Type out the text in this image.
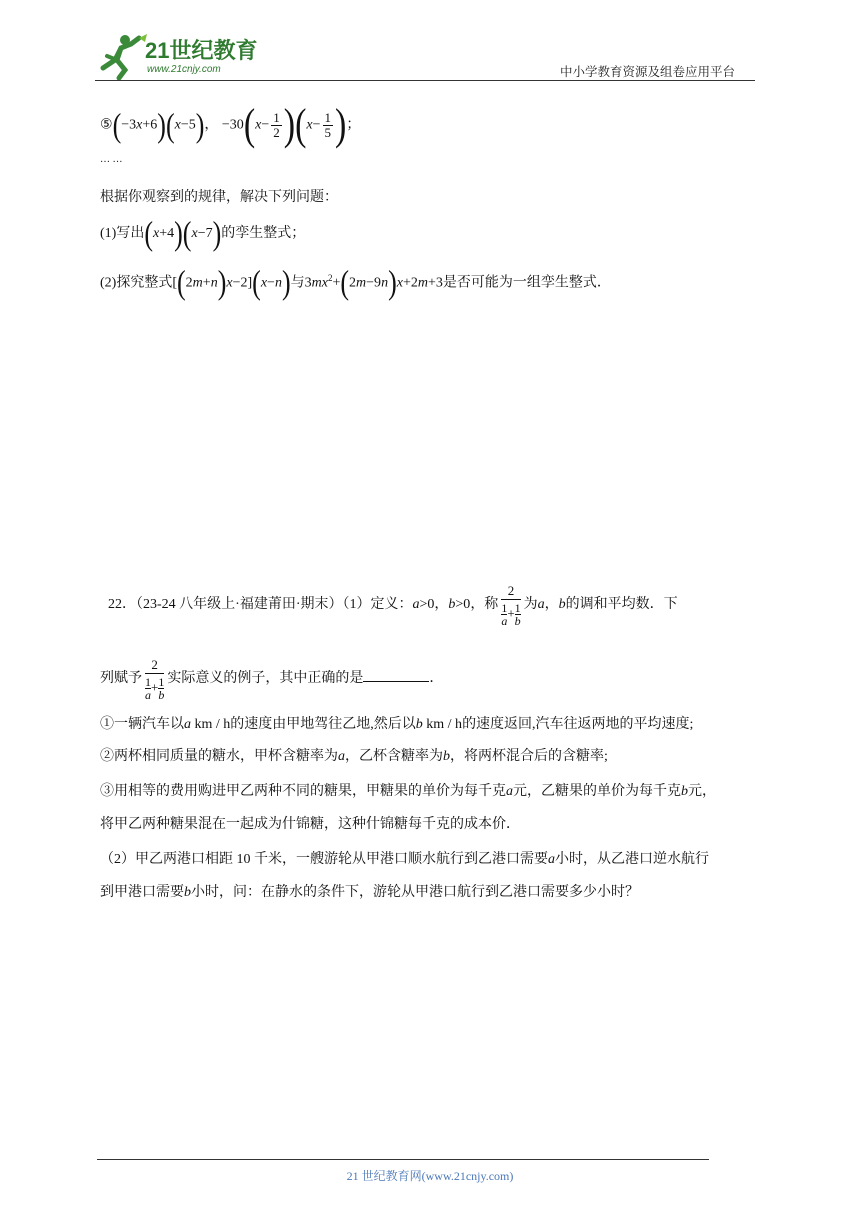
21世纪教育
www.21cnjy.com	中小学教育资源及组卷应用平台
⑤(−3x+6)(x−5)， $-30(x- \frac{1}{2} )(x- \frac{1}{5}$ )；
… …
根据你观察到的规律，解决下列问题：
(1)写出(x+4)(x−7)的孪生整式；
(2)探究整式[(2m+n)x−2](x−n)与$3mx^2+(2m-9n)x+2m+3$是否可能为一组孪生整式．
22．（23-24 八年级上·福建莆田·期末）（1）定义：a>0，b>0，称 $\frac{2}{\frac{1}{a} + \frac{1}{b}}$ 为a，b的调和平均数．下
列赋予 $\frac{2}{\frac{1}{a} + \frac{1}{b}}$ 实际意义的例子，其中正确的是	．
①一辆汽车以a km / h的速度由甲地驾往乙地,然后以b km / h的速度返回,汽车往返两地的平均速度;
②两杯相同质量的糖水，甲杯含糖率为a，乙杯含糖率为b，将两杯混合后的含糖率;
③用相等的费用购进甲乙两种不同的糖果，甲糖果的单价为每千克a元，乙糖果的单价为每千克b元，
将甲乙两种糖果混在一起成为什锦糖，这种什锦糖每千克的成本价．
（2）甲乙两港口相距 10 千米，一艘游轮从甲港口顺水航行到乙港口需要a小时，从乙港口逆水航行
到甲港口需要b小时，问：在静水的条件下，游轮从甲港口航行到乙港口需要多少小时？
21 世纪教育网(www.21cnjy.com)
